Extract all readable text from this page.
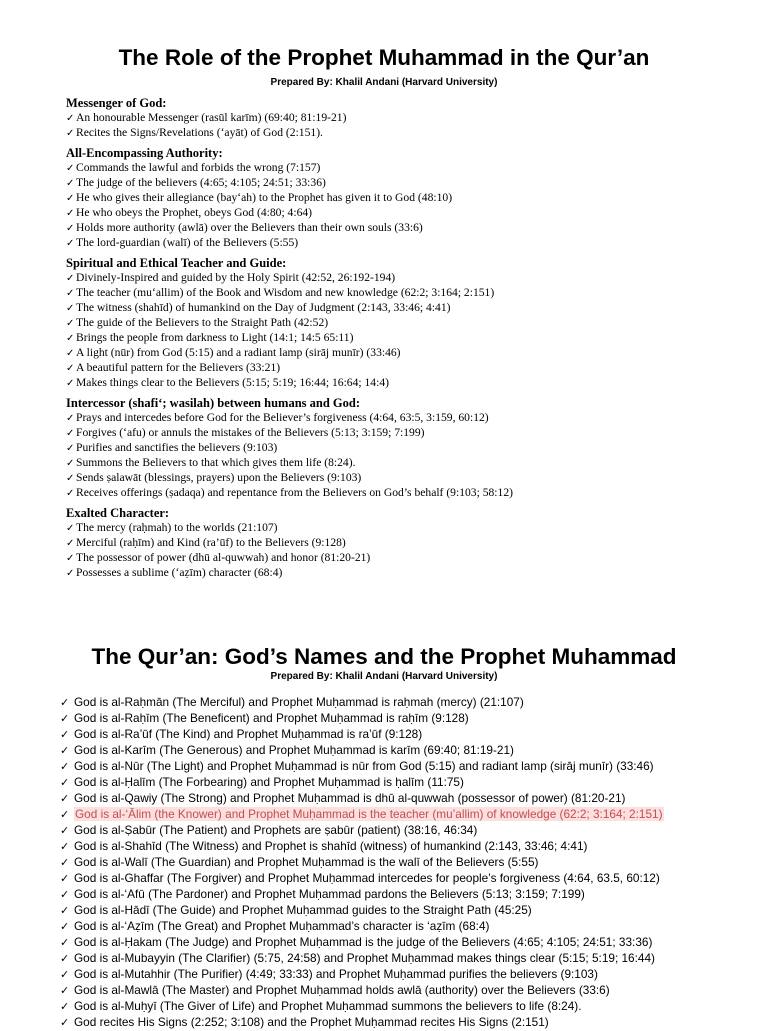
The Role of the Prophet Muhammad in the Qur’an
Prepared By: Khalil Andani (Harvard University)
Messenger of God:
✓ An honourable Messenger (rasūl karīm) (69:40; 81:19-21)
✓ Recites the Signs/Revelations (‘ayāt) of God (2:151).
All-Encompassing Authority:
✓ Commands the lawful and forbids the wrong (7:157)
✓ The judge of the believers (4:65; 4:105; 24:51; 33:36)
✓ He who gives their allegiance (bay‘ah) to the Prophet has given it to God (48:10)
✓ He who obeys the Prophet, obeys God (4:80; 4:64)
✓ Holds more authority (awlā) over the Believers than their own souls (33:6)
✓ The lord-guardian (walī) of the Believers (5:55)
Spiritual and Ethical Teacher and Guide:
✓ Divinely-Inspired and guided by the Holy Spirit (42:52, 26:192-194)
✓ The teacher (mu‘allim) of the Book and Wisdom and new knowledge (62:2; 3:164; 2:151)
✓ The witness (shahīd) of humankind on the Day of Judgment (2:143, 33:46; 4:41)
✓ The guide of the Believers to the Straight Path (42:52)
✓ Brings the people from darkness to Light (14:1; 14:5 65:11)
✓ A light (nūr) from God (5:15) and a radiant lamp (sirāj munīr) (33:46)
✓ A beautiful pattern for the Believers (33:21)
✓ Makes things clear to the Believers (5:15; 5:19; 16:44; 16:64; 14:4)
Intercessor (shafi‘; wasilah) between humans and God:
✓ Prays and intercedes before God for the Believer’s forgiveness (4:64, 63:5, 3:159, 60:12)
✓ Forgives (‘afu) or annuls the mistakes of the Believers (5:13; 3:159; 7:199)
✓ Purifies and sanctifies the believers (9:103)
✓ Summons the Believers to that which gives them life (8:24).
✓ Sends ṣalawāt (blessings, prayers) upon the Believers (9:103)
✓ Receives offerings (ṣadaqa) and repentance from the Believers on God’s behalf (9:103; 58:12)
Exalted Character:
✓ The mercy (raḥmah) to the worlds (21:107)
✓ Merciful (raḥīm) and Kind (ra’ūf) to the Believers (9:128)
✓ The possessor of power (dhū al-quwwah) and honor (81:20-21)
✓ Possesses a sublime (‘aẓīm) character (68:4)
The Qur’an: God’s Names and the Prophet Muhammad
Prepared By: Khalil Andani (Harvard University)
✓ God is al-Raḥmān (The Merciful) and Prophet Muḥammad is raḥmah (mercy) (21:107)
✓ God is al-Raḥīm (The Beneficent) and Prophet Muḥammad is raḥīm (9:128)
✓ God is al-Ra’ūf (The Kind) and Prophet Muḥammad is ra’ūf (9:128)
✓ God is al-Karīm (The Generous) and Prophet Muḥammad is karīm (69:40; 81:19-21)
✓ God is al-Nūr (The Light) and Prophet Muḥammad is nūr from God (5:15) and radiant lamp (sirāj munīr) (33:46)
✓ God is al-Ḥalīm (The Forbearing) and Prophet Muḥammad is ḥalīm (11:75)
✓ God is al-Qawiy (The Strong) and Prophet Muḥammad is dhū al-quwwah (possessor of power) (81:20-21)
✓ God is al-‘Ālim (the Knower) and Prophet Muḥammad is the teacher (mu’allim) of knowledge (62:2; 3:164; 2:151)
✓ God is al-Ṣabūr (The Patient) and Prophets are ṣabūr (patient) (38:16, 46:34)
✓ God is al-Shahīd (The Witness) and Prophet is shahīd (witness) of humankind (2:143, 33:46; 4:41)
✓ God is al-Walī (The Guardian) and Prophet Muḥammad is the walī of the Believers (5:55)
✓ God is al-Ghaffar (The Forgiver) and Prophet Muḥammad intercedes for people’s forgiveness (4:64, 63.5, 60:12)
✓ God is al-‘Afū (The Pardoner) and Prophet Muḥammad pardons the Believers (5:13; 3:159; 7:199)
✓ God is al-Hādī (The Guide) and Prophet Muḥammad guides to the Straight Path (45:25)
✓ God is al-‘Aẓīm (The Great) and Prophet Muḥammad’s character is ‘aẓīm (68:4)
✓ God is al-Ḥakam (The Judge) and Prophet Muḥammad is the judge of the Believers (4:65; 4:105; 24:51; 33:36)
✓ God is al-Mubayyin (The Clarifier) (5:75, 24:58) and Prophet Muḥammad makes things clear (5:15; 5:19; 16:44)
✓ God is al-Mutahhir (The Purifier) (4:49; 33:33) and Prophet Muḥammad purifies the believers (9:103)
✓ God is al-Mawlā (The Master) and Prophet Muḥammad holds awlā (authority) over the Believers (33:6)
✓ God is al-Muḥyī (The Giver of Life) and Prophet Muḥammad summons the believers to life (8:24).
✓ God recites His Signs (2:252; 3:108) and the Prophet Muḥammad recites His Signs (2:151)
